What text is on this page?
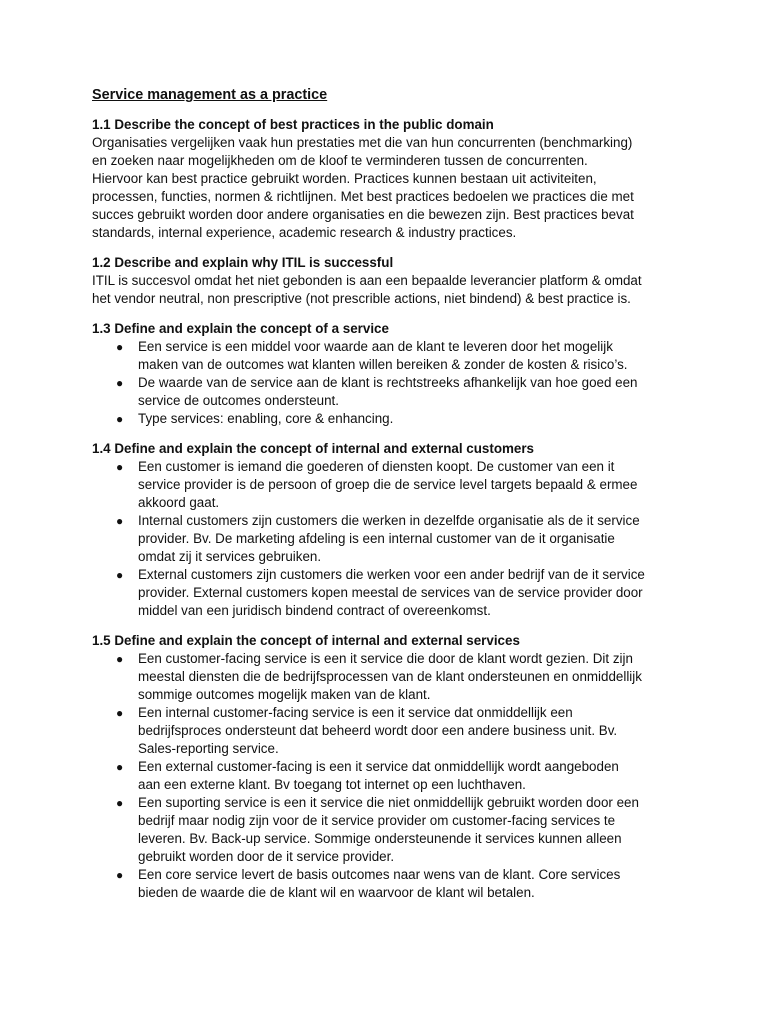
Service management as a practice
1.1 Describe the concept of best practices in the public domain
Organisaties vergelijken vaak hun prestaties met die van hun concurrenten (benchmarking)
en zoeken naar mogelijkheden om de kloof te verminderen tussen de concurrenten.
Hiervoor kan best practice gebruikt worden. Practices kunnen bestaan uit activiteiten,
processen, functies, normen & richtlijnen. Met best practices bedoelen we practices die met
succes gebruikt worden door andere organisaties en die bewezen zijn. Best practices bevat
standards, internal experience, academic research & industry practices.
1.2 Describe and explain why ITIL is successful
ITIL is succesvol omdat het niet gebonden is aan een bepaalde leverancier platform & omdat
het vendor neutral, non prescriptive (not prescrible actions, niet bindend) & best practice is.
1.3 Define and explain the concept of a service
● Een service is een middel voor waarde aan de klant te leveren door het mogelijk
maken van de outcomes wat klanten willen bereiken & zonder de kosten & risico’s.
● De waarde van de service aan de klant is rechtstreeks afhankelijk van hoe goed een
service de outcomes ondersteunt.
● Type services: enabling, core & enhancing.
1.4 Define and explain the concept of internal and external customers
● Een customer is iemand die goederen of diensten koopt. De customer van een it
service provider is de persoon of groep die de service level targets bepaald & ermee
akkoord gaat.
● Internal customers zijn customers die werken in dezelfde organisatie als de it service
provider. Bv. De marketing afdeling is een internal customer van de it organisatie
omdat zij it services gebruiken.
● External customers zijn customers die werken voor een ander bedrijf van de it service
provider. External customers kopen meestal de services van de service provider door
middel van een juridisch bindend contract of overeenkomst.
1.5 Define and explain the concept of internal and external services
● Een customer-facing service is een it service die door de klant wordt gezien. Dit zijn
meestal diensten die de bedrijfsprocessen van de klant ondersteunen en onmiddellijk
sommige outcomes mogelijk maken van de klant.
● Een internal customer-facing service is een it service dat onmiddellijk een
bedrijfsproces ondersteunt dat beheerd wordt door een andere business unit. Bv.
Sales-reporting service.
● Een external customer-facing is een it service dat onmiddellijk wordt aangeboden
aan een externe klant. Bv toegang tot internet op een luchthaven.
● Een suporting service is een it service die niet onmiddellijk gebruikt worden door een
bedrijf maar nodig zijn voor de it service provider om customer-facing services te
leveren. Bv. Back-up service. Sommige ondersteunende it services kunnen alleen
gebruikt worden door de it service provider.
● Een core service levert de basis outcomes naar wens van de klant. Core services
bieden de waarde die de klant wil en waarvoor de klant wil betalen.
